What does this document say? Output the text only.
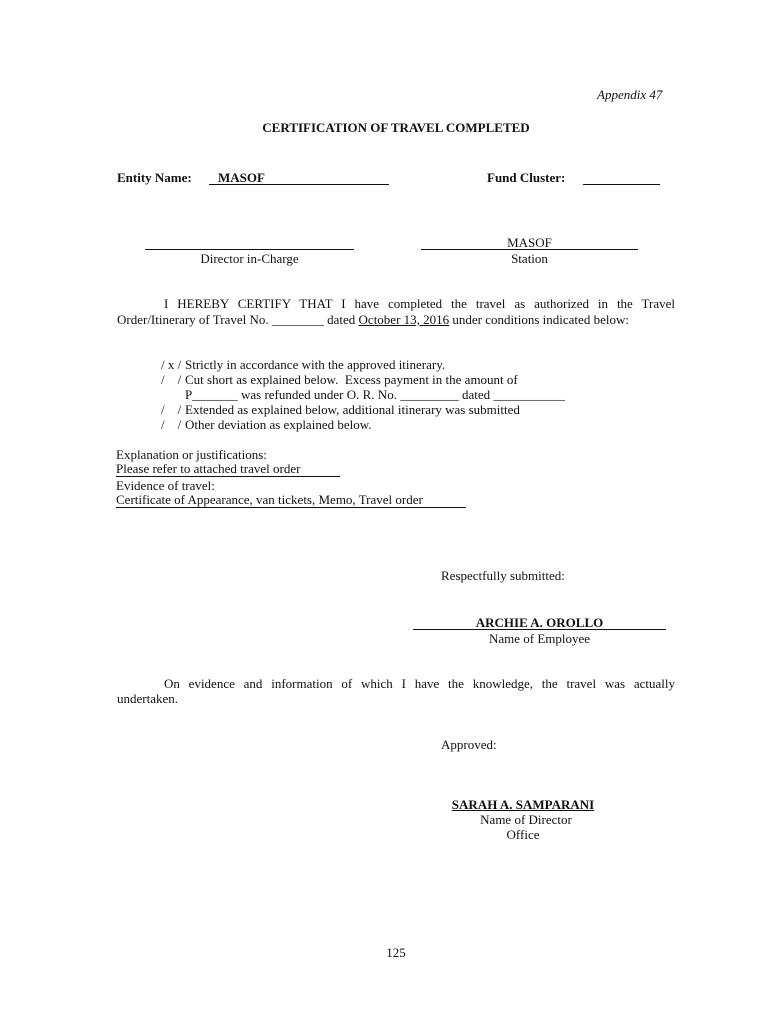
Appendix 47
CERTIFICATION OF TRAVEL COMPLETED
Entity Name: MASOF	Fund Cluster:
Director in-Charge
MASOF
Station
I HEREBY CERTIFY THAT I have completed the travel as authorized in the Travel
Order/Itinerary of Travel No. ________ dated October 13, 2016 under conditions indicated below:
/ x / Strictly in accordance with the approved itinerary.
/    / Cut short as explained below.  Excess payment in the amount of
P_______ was refunded under O. R. No. _________ dated ___________
/    / Extended as explained below, additional itinerary was submitted
/    / Other deviation as explained below.
Explanation or justifications:
Please refer to attached travel order
Evidence of travel:
Certificate of Appearance, van tickets, Memo, Travel order
Respectfully submitted:
ARCHIE A. OROLLO
Name of Employee
On evidence and information of which I have the knowledge, the travel was actually
undertaken.
Approved:
SARAH A. SAMPARANI
Name of Director
Office
125
